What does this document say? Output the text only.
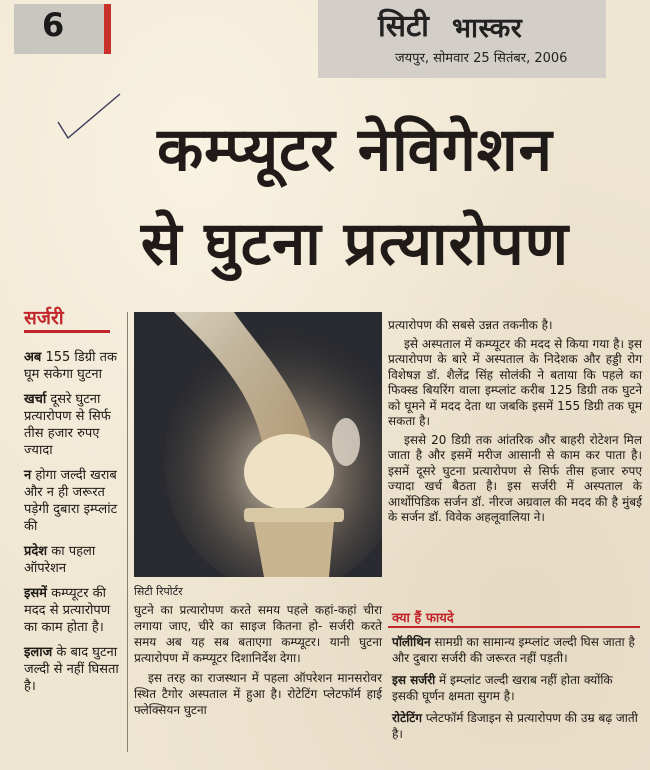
6	सिटी भास्कर
जयपुर, सोमवार 25 सितंबर, 2006
कम्प्यूटर नेविगेशन
से घुटना प्रत्यारोपण
सर्जरी
अब 155 डिग्री तक घूम सकेगा घुटना
खर्चा दूसरे घुटना प्रत्यारोपण से सिर्फ तीस हजार रुपए ज्यादा
न होगा जल्दी खराब और न ही जरूरत पड़ेगी दुबारा इम्प्लांट की
प्रदेश का पहला ऑपरेशन
इसमें कम्प्यूटर की मदद से प्रत्यारोपण का काम होता है।
इलाज के बाद घुटना जल्दी से नहीं घिसता है।
सिटी रिपोर्टर

घुटने का प्रत्यारोपण करते समय पहले कहां-कहां चीरा लगाया जाए, चीरे का साइज कितना हो- सर्जरी करते समय अब यह सब बताएगा कम्प्यूटर। यानी घुटना प्रत्यारोपण में कम्प्यूटर दिशानिर्देश देगा।

इस तरह का राजस्थान में पहला ऑपरेशन मानसरोवर स्थित टैगोर अस्पताल में हुआ है। रोटेटिंग प्लेटफॉर्म हाई फ्लेक्सियन घुटना

प्रत्यारोपण की सबसे उन्नत तकनीक है।

इसे अस्पताल में कम्प्यूटर की मदद से किया गया है। इस प्रत्यारोपण के बारे में अस्पताल के निदेशक और हड्डी रोग विशेषज्ञ डॉ. शैलेंद्र सिंह सोलंकी ने बताया कि पहले का फिक्स्ड बियरिंग वाला इम्प्लांट करीब 125 डिग्री तक घुटने को घूमने में मदद देता था जबकि इसमें 155 डिग्री तक घूम सकता है।

इससे 20 डिग्री तक आंतरिक और बाहरी रोटेशन मिल जाता है और इसमें मरीज आसानी से काम कर पाता है। इसमें दूसरे घुटना प्रत्यारोपण से सिर्फ तीस हजार रुपए ज्यादा खर्च बैठता है। इस सर्जरी में अस्पताल के आर्थोपिडिक सर्जन डॉ. नीरज अग्रवाल की मदद की है मुंबई के सर्जन डॉ. विवेक अहलूवालिया ने।

क्या हैं फायदे
पॉलीथिन सामग्री का सामान्य इम्प्लांट जल्दी घिस जाता है और दुबारा सर्जरी की जरूरत नहीं पड़ती।
इस सर्जरी में इम्प्लांट जल्दी खराब नहीं होता क्योंकि इसकी घूर्णन क्षमता सुगम है।
रोटेटिंग प्लेटफॉर्म डिजाइन से प्रत्यारोपण की उम्र बढ़ जाती है।
